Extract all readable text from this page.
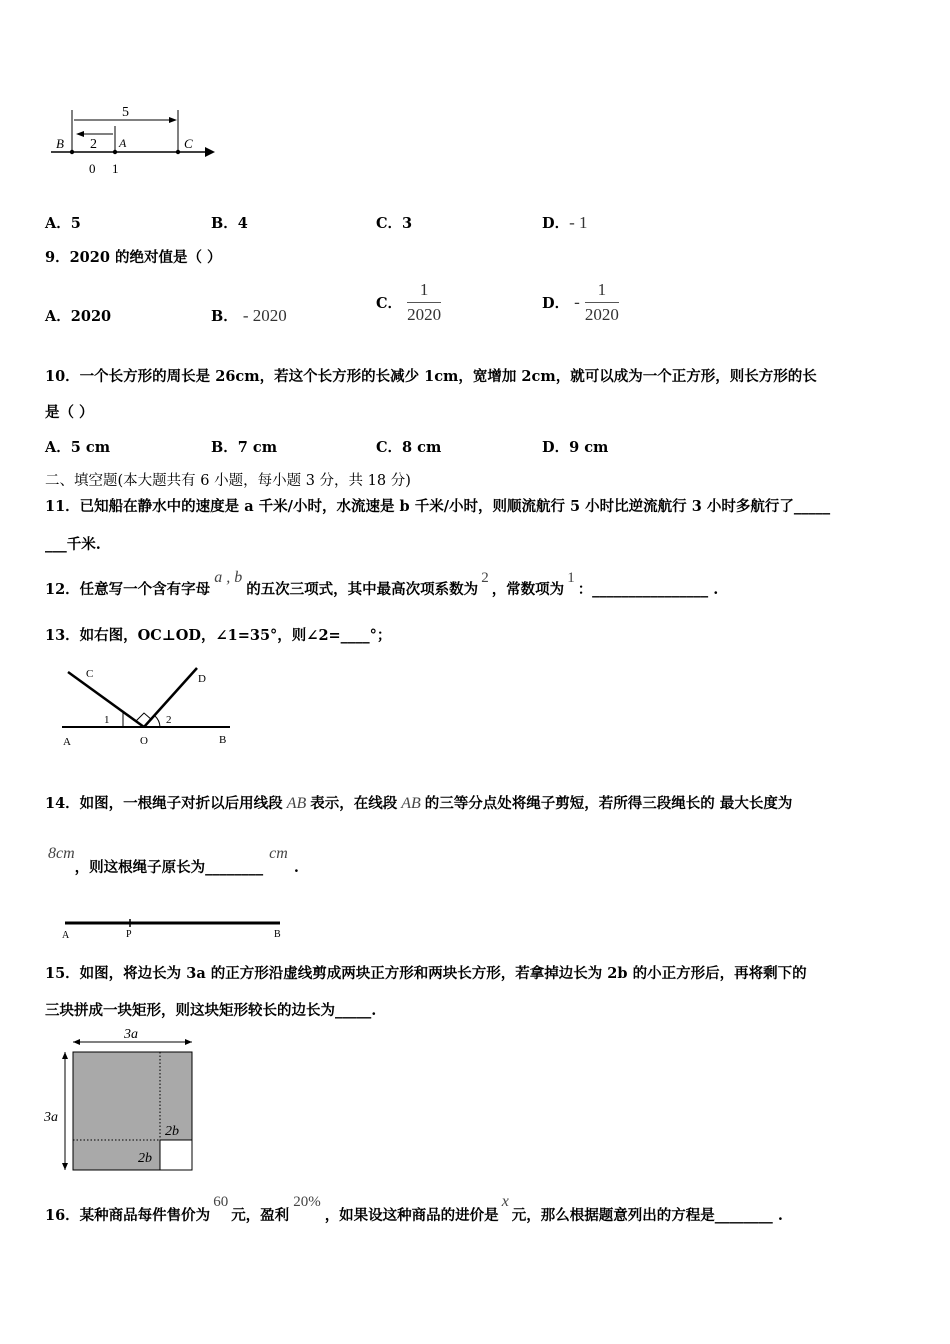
5
2
B	A	C
0 1
A．5	B．4	C．3	D．- 1
9．2020 的绝对值是（ ）
A．2020	B． - 2020
C． $\frac{1}{2020}$	D． - $\frac{1}{2020}$
10．一个长方形的周长是 26cm，若这个长方形的长减少 1cm，宽增加 2cm，就可以成为一个正方形，则长方形的长
是（ ）
A．5 cm	B．7 cm	C．8 cm	D．9 cm
二、填空题(本大题共有 6 小题，每小题 3 分，共 18 分)
11．已知船在静水中的速度是 a 千米/小时，水流速是 b 千米/小时，则顺流航行 5 小时比逆流航行 3 小时多航行了_____
___千米.
12．任意写一个含有字母a , b的五次三项式，其中最高次项系数为2，常数项为1：________________ .
13．如右图，OC⊥OD，∠1=35°，则∠2=____°；
C	D
A	O	B
1	2
14．如图，一根绳子对折以后用线段 AB 表示，在线段 AB 的三等分点处将绳子剪短，若所得三段绳长的 最大长度为
8cm，则这根绳子原长为________cm.
A	P	B
15．如图，将边长为 3a 的正方形沿虚线剪成两块正方形和两块长方形，若拿掉边长为 2b 的小正方形后，再将剩下的
三块拼成一块矩形，则这块矩形较长的边长为_____.
3a
3a
2b
2b
16．某种商品每件售价为60元，盈利20%，如果设这种商品的进价是x元，那么根据题意列出的方程是________ .
